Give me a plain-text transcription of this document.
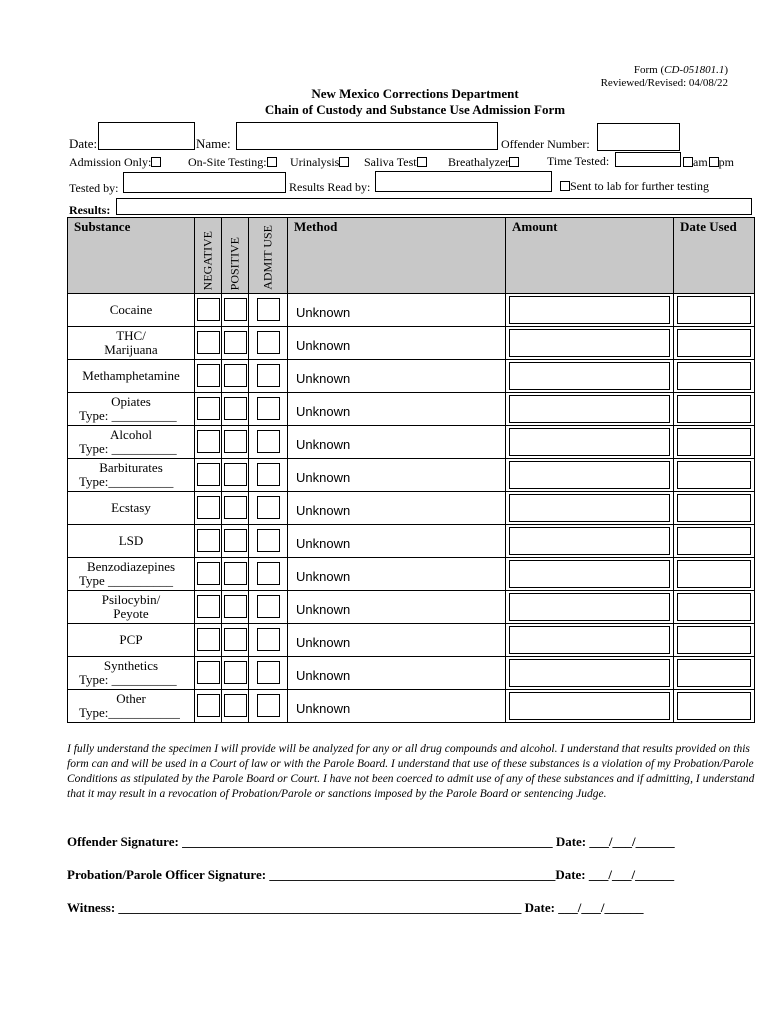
Form (CD-051801.1)
Reviewed/Revised: 04/08/22
New Mexico Corrections Department
Chain of Custody and Substance Use Admission Form
Date:	Name:	Offender Number:
Admission Only:	On-Site Testing:	Urinalysis	Saliva Test	Breathalyzer	Time Tested:	am pm
Tested by:	Results Read by:	Sent to lab for further testing
Results:
Substance	NEGATIVE	POSITIVE	ADMIT USE	Method	Amount	Date Used

Cocaine				Unknown	

THC/
Marijuana				Unknown	

Methamphetamine				Unknown	

Opiates
Type: __________				Unknown	

Alcohol
Type: __________				Unknown	

Barbiturates
Type:__________				Unknown	

Ecstasy				Unknown	

LSD				Unknown	

Benzodiazepines
Type __________				Unknown	

Psilocybin/
Peyote				Unknown	

PCP				Unknown	

Synthetics
Type: __________				Unknown	

Other
Type:___________				Unknown	

I fully understand the specimen I will provide will be analyzed for any or all drug compounds and alcohol. I understand that results provided on this form can and will be used in a Court of law or with the Parole Board. I understand that use of these substances is a violation of my Probation/Parole Conditions as stipulated by the Parole Board or Court. I have not been coerced to admit use of any of these substances and if admitting, I understand that it may result in a revocation of Probation/Parole or sanctions imposed by the Parole Board or sentencing Judge.
Offender Signature: _________________________________________________________ Date: ___/___/______
Probation/Parole Officer Signature: ____________________________________________Date: ___/___/______
Witness: ______________________________________________________________ Date: ___/___/______
